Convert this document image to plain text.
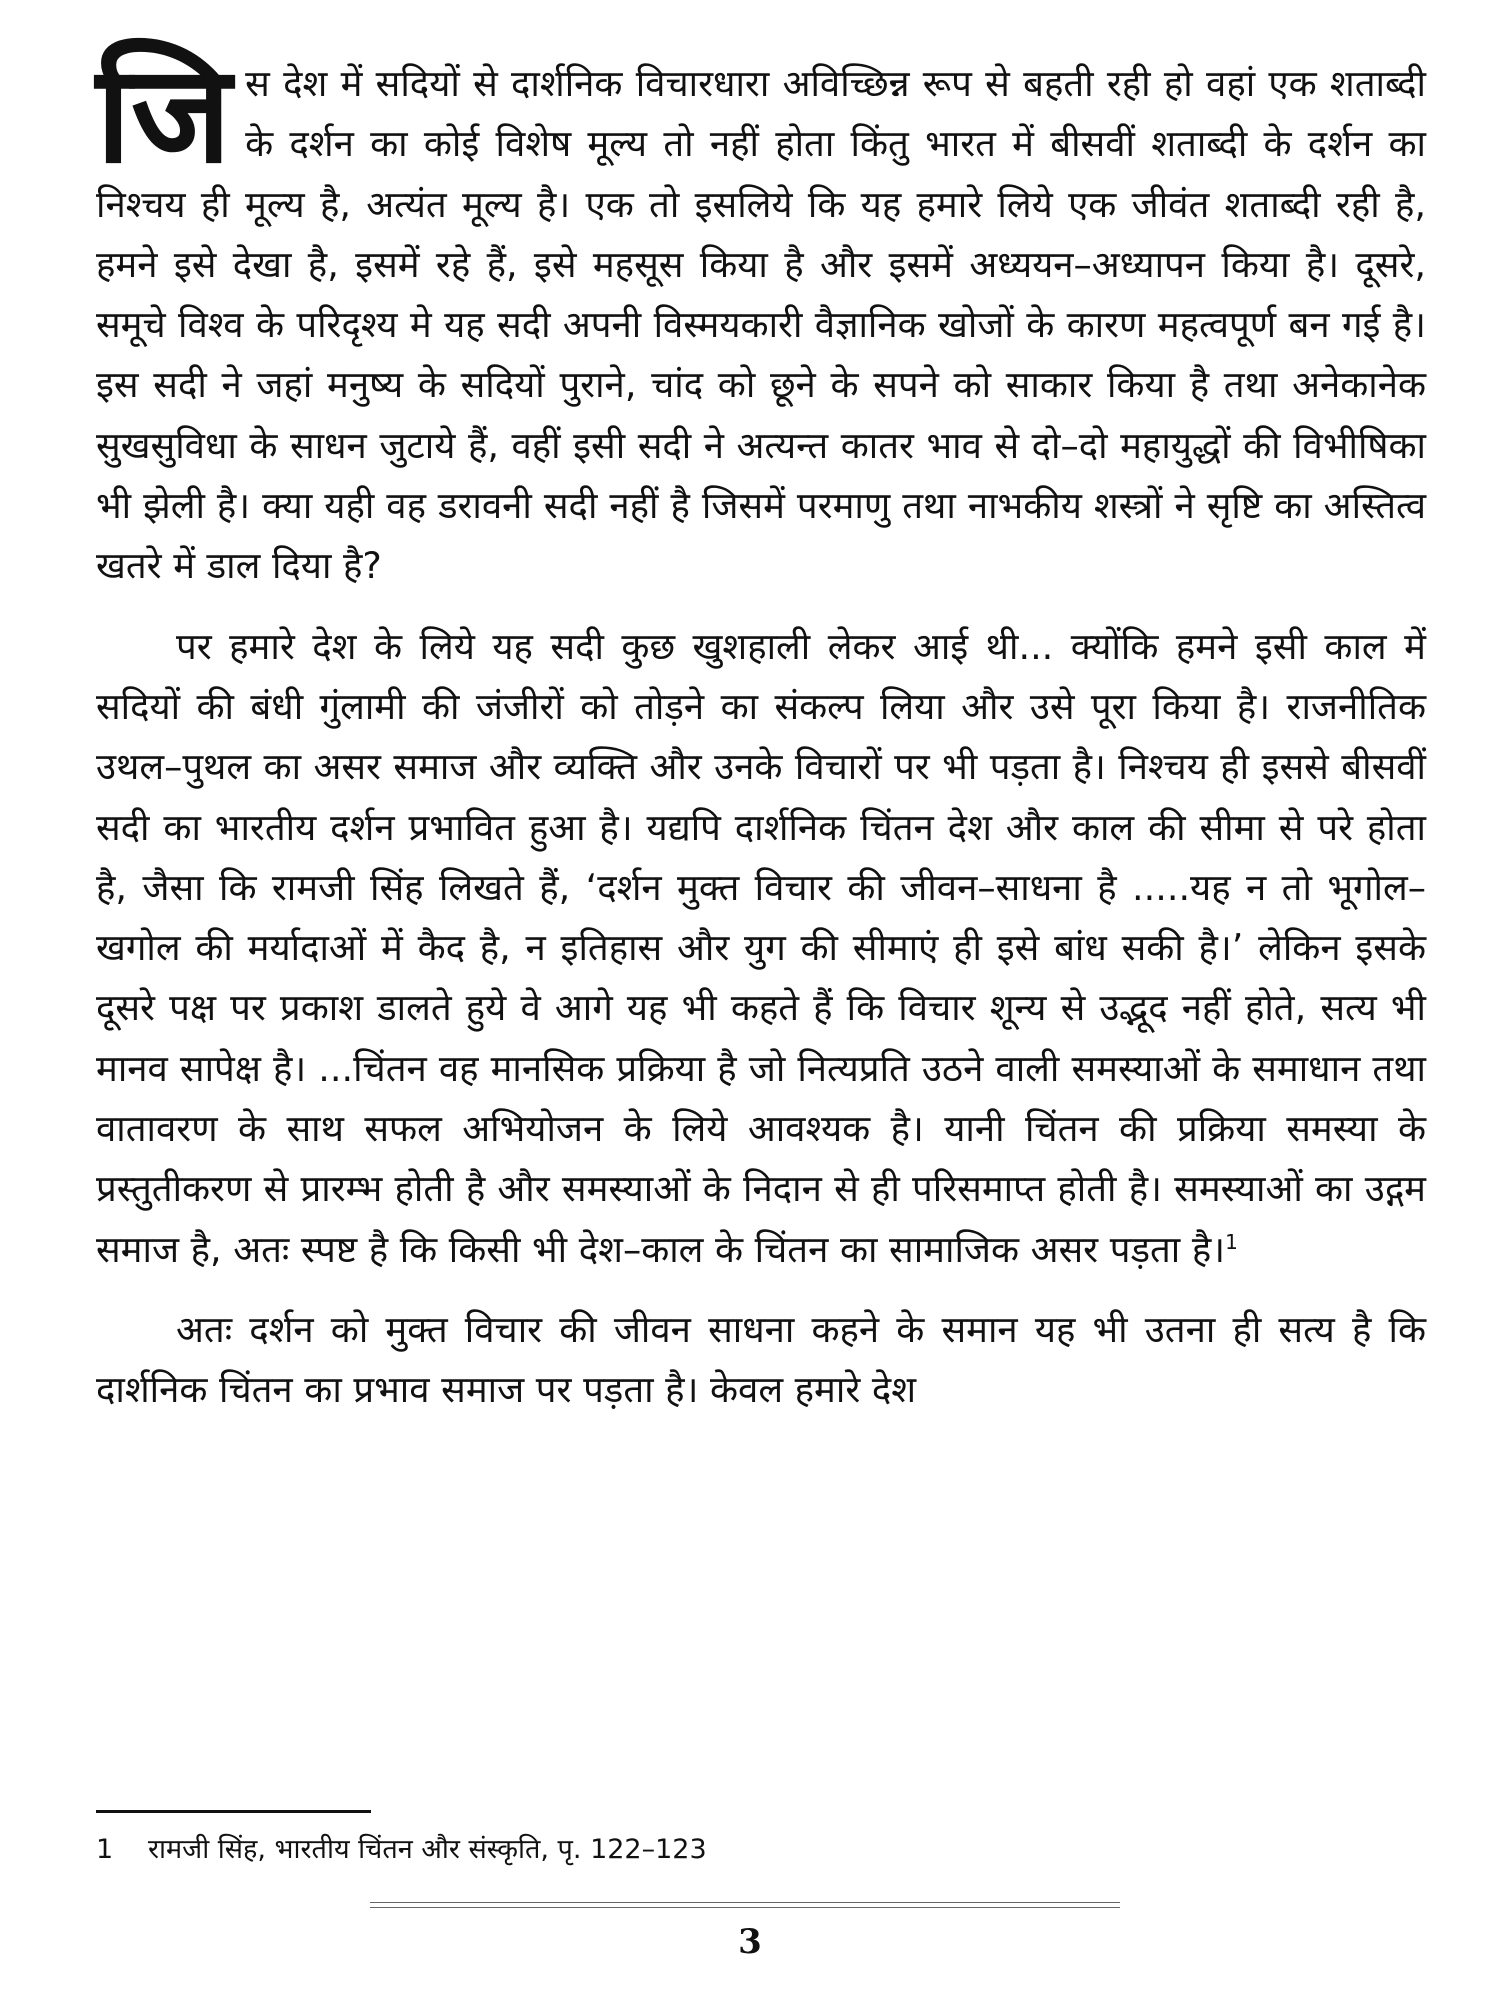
जि स देश में सदियों से दार्शनिक विचारधारा अविच्छिन्न रूप से बहती रही हो वहां एक शताब्दी के दर्शन का कोई विशेष मूल्य तो नहीं होता किंतु भारत में बीसवीं शताब्दी के दर्शन का निश्चय ही मूल्य है, अत्यंत मूल्य है। एक तो इसलिये कि यह हमारे लिये एक जीवंत शताब्दी रही है, हमने इसे देखा है, इसमें रहे हैं, इसे महसूस किया है और इसमें अध्ययन–अध्यापन किया है। दूसरे, समूचे विश्व के परिदृश्य मे यह सदी अपनी विस्मयकारी वैज्ञानिक खोजों के कारण महत्वपूर्ण बन गई है। इस सदी ने जहां मनुष्य के सदियों पुराने, चांद को छूने के सपने को साकार किया है तथा अनेकानेक सुखसुविधा के साधन जुटाये हैं, वहीं इसी सदी ने अत्यन्त कातर भाव से दो–दो महायुद्धों की विभीषिका भी झेली है। क्या यही वह डरावनी सदी नहीं है जिसमें परमाणु तथा नाभकीय शस्त्रों ने सृष्टि का अस्तित्व खतरे में डाल दिया है?

पर हमारे देश के लिये यह सदी कुछ खुशहाली लेकर आई थी... क्योंकि हमने इसी काल में सदियों की बंधी गुंलामी की जंजीरों को तोड़ने का संकल्प लिया और उसे पूरा किया है। राजनीतिक उथल–पुथल का असर समाज और व्यक्ति और उनके विचारों पर भी पड़ता है। निश्चय ही इससे बीसवीं सदी का भारतीय दर्शन प्रभावित हुआ है। यद्यपि दार्शनिक चिंतन देश और काल की सीमा से परे होता है, जैसा कि रामजी सिंह लिखते हैं, ‘दर्शन मुक्त विचार की जीवन–साधना है .....यह न तो भूगोल–खगोल की मर्यादाओं में कैद है, न इतिहास और युग की सीमाएं ही इसे बांध सकी है।’ लेकिन इसके दूसरे पक्ष पर प्रकाश डालते हुये वे आगे यह भी कहते हैं कि विचार शून्य से उद्भूद नहीं होते, सत्य भी मानव सापेक्ष है। ...चिंतन वह मानसिक प्रक्रिया है जो नित्यप्रति उठने वाली समस्याओं के समाधान तथा वातावरण के साथ सफल अभियोजन के लिये आवश्यक है। यानी चिंतन की प्रक्रिया समस्या के प्रस्तुतीकरण से प्रारम्भ होती है और समस्याओं के निदान से ही परिसमाप्त होती है। समस्याओं का उद्गम समाज है, अतः स्पष्ट है कि किसी भी देश–काल के चिंतन का सामाजिक असर पड़ता है।$^1$

अतः दर्शन को मुक्त विचार की जीवन साधना कहने के समान यह भी उतना ही सत्य है कि दार्शनिक चिंतन का प्रभाव समाज पर पड़ता है। केवल हमारे देश

1 रामजी सिंह, भारतीय चिंतन और संस्कृति, पृ. 122–123
3
